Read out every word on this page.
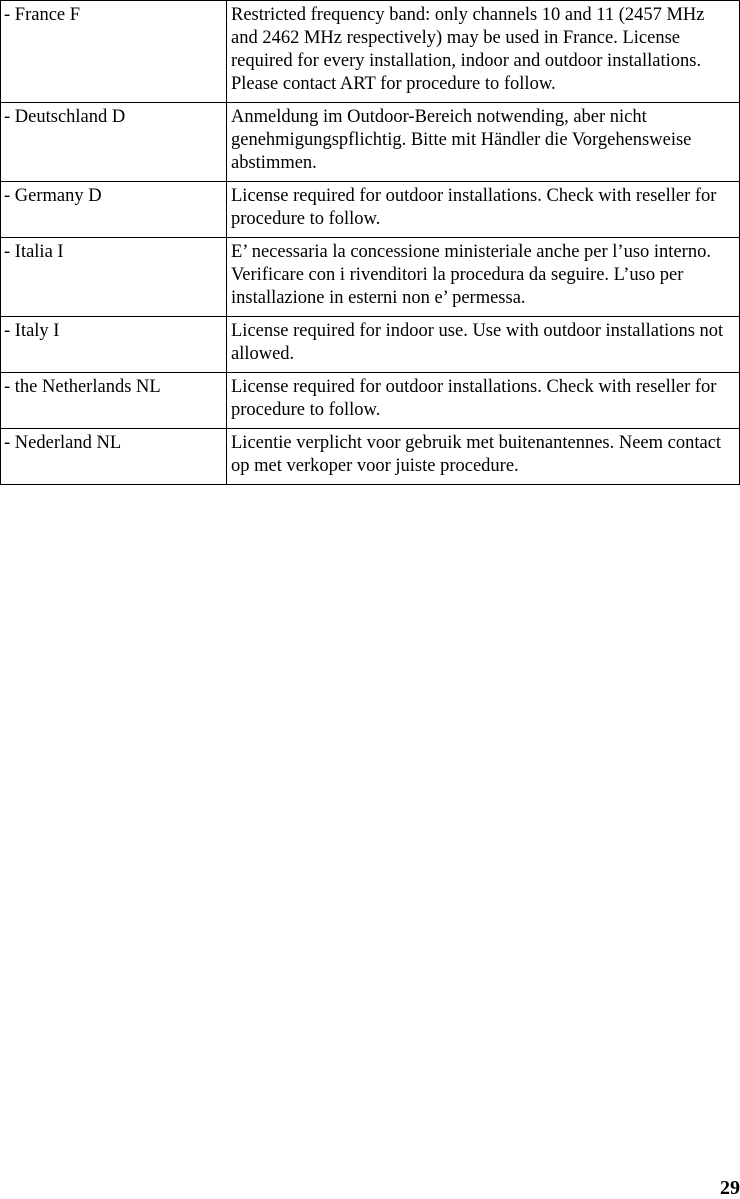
- France F	Restricted frequency band: only channels 10 and 11 (2457 MHz and 2462 MHz respectively) may be used in France. License required for every installation, indoor and outdoor installations. Please contact ART for procedure to follow.
- Deutschland D	Anmeldung im Outdoor-Bereich notwending, aber nicht genehmigungspflichtig. Bitte mit Händler die Vorgehensweise abstimmen.
- Germany D	License required for outdoor installations. Check with reseller for procedure to follow.
- Italia I	E’ necessaria la concessione ministeriale anche per l’uso interno. Verificare con i rivenditori la procedura da seguire. L’uso per installazione in esterni non e’ permessa.
- Italy I	License required for indoor use. Use with outdoor installations not allowed.
- the Netherlands NL	License required for outdoor installations. Check with reseller for procedure to follow.
- Nederland NL	Licentie verplicht voor gebruik met buitenantennes. Neem contact op met verkoper voor juiste procedure.
29
